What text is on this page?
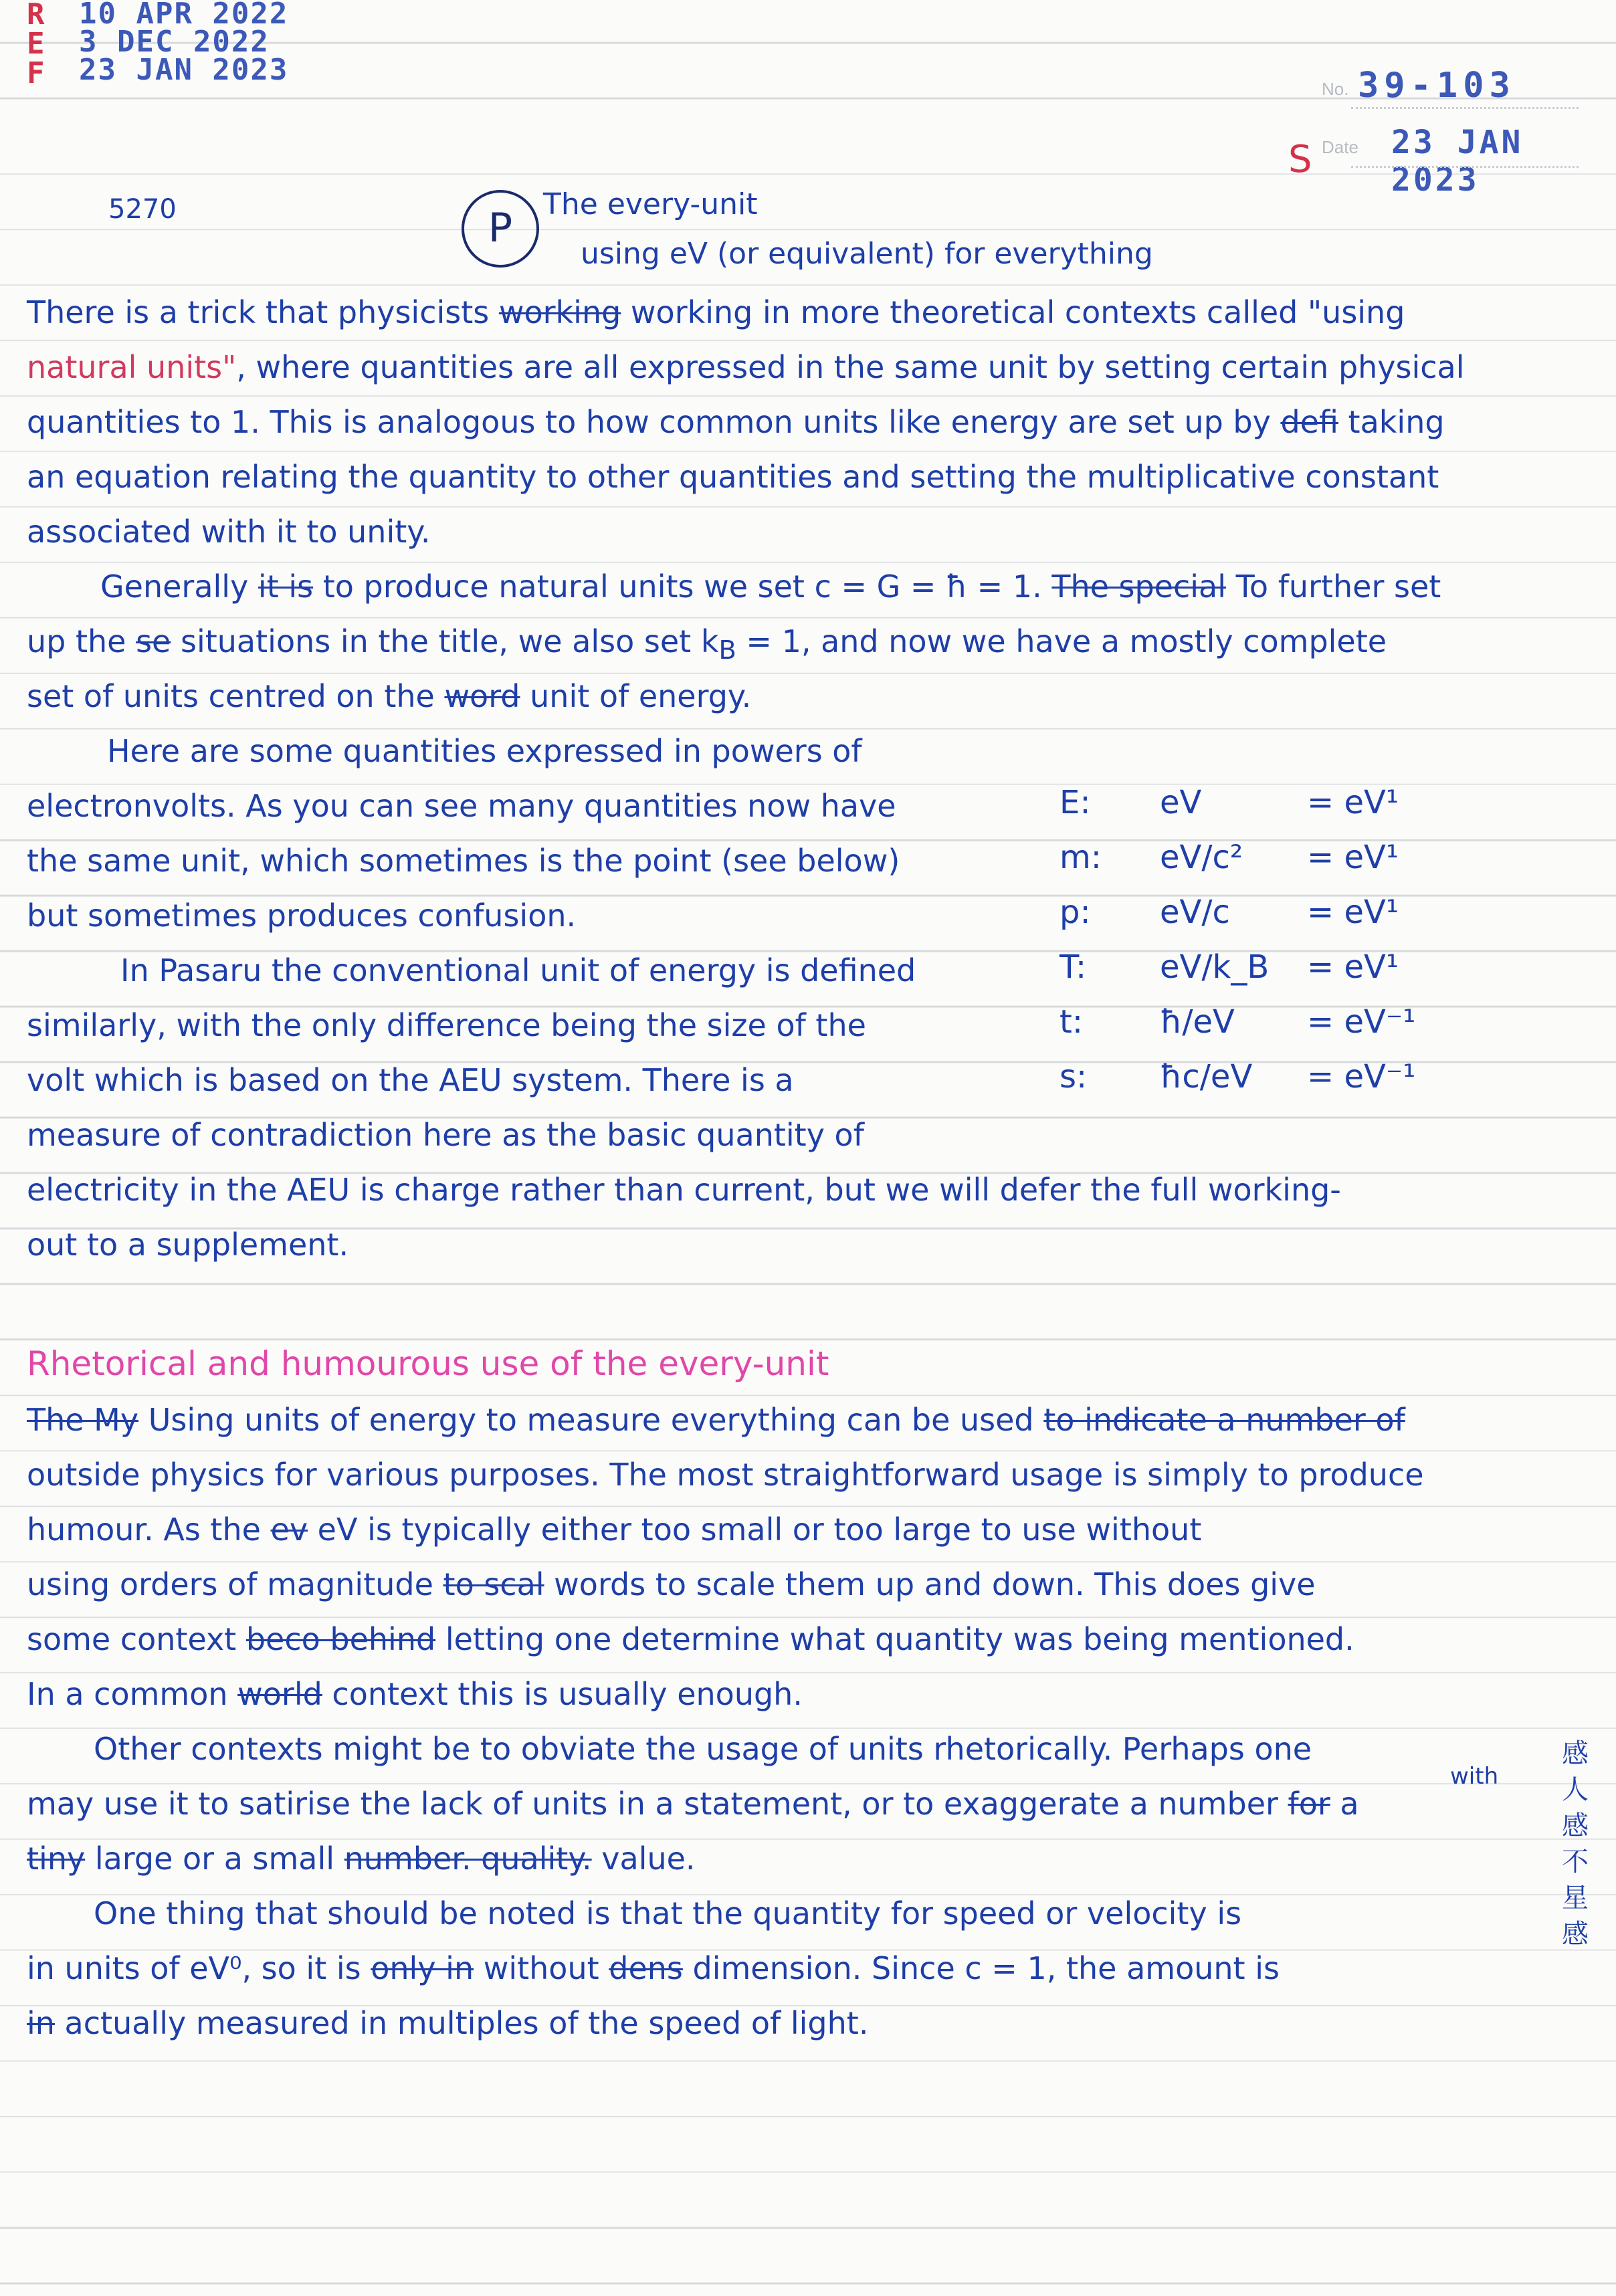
R
E
F
10 APR 2022
3 DEC 2022
23 JAN 2023
No. 39-103
S Date 23 JAN 2023
5270	P
The every-unit
using eV (or equivalent) for everything
There is a trick that physicists working working in more theoretical contexts called "using
natural units", where quantities are all expressed in the same unit by setting certain physical
quantities to 1. This is analogous to how common units like energy are set up by defi taking
an equation relating the quantity to other quantities and setting the multiplicative constant
associated with it to unity.
Generally it is to produce natural units we set c = G = ħ = 1. The special To further set
up the se situations in the title, we also set $k_B = 1$, and now we have a mostly complete
set of units centred on the word unit of energy.
Here are some quantities expressed in powers of
electronvolts. As you can see many quantities now have
the same unit, which sometimes is the point (see below)
but sometimes produces confusion.
In Pasaru the conventional unit of energy is defined
similarly, with the only difference being the size of the
volt which is based on the AEU system. There is a
measure of contradiction here as the basic quantity of
electricity in the AEU is charge rather than current, but we will defer the full working-
out to a supplement.
E: eV	= eV¹
m: eV/c² = eV¹
p: eV/c = eV¹
T: eV/k_B = eV¹
t: ħ/eV = eV⁻¹
s: ħc/eV = eV⁻¹
Rhetorical and humourous use of the every-unit
The My Using units of energy to measure everything can be used to indicate a number of
outside physics for various purposes. The most straightforward usage is simply to produce
humour. As the ev eV is typically either too small or too large to use without
using orders of magnitude to scal words to scale them up and down. This does give
some context beco behind letting one determine what quantity was being mentioned.
In a common world context this is usually enough.
Other contexts might be to obviate the usage of units rhetorically. Perhaps one
with
may use it to satirise the lack of units in a statement, or to exaggerate a number for a
tiny large or a small number. quality. value.
One thing that should be noted is that the quantity for speed or velocity is
in units of eV⁰, so it is only in without dens dimension. Since c = 1, the amount is
in actually measured in multiples of the speed of light.
感
人
感
不
星
感
